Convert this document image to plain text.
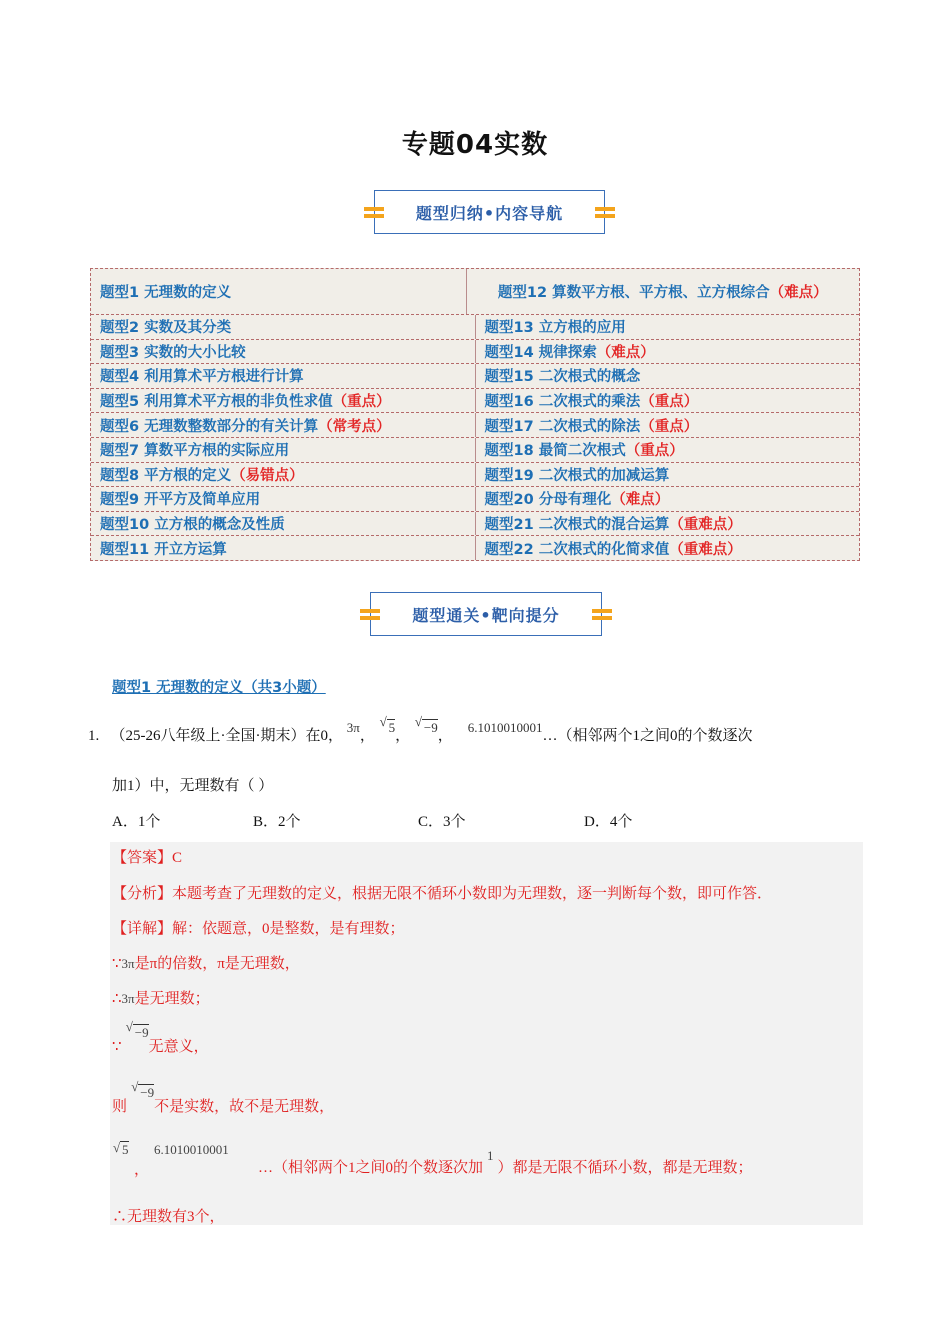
专题04实数
题型归纳•内容导航
题型1 无理数的定义	题型12 算数平方根、平方根、立方根综合（难点）
题型2 实数及其分类	题型13 立方根的应用
题型3 实数的大小比较	题型14 规律探索（难点）
题型4 利用算术平方根进行计算	题型15 二次根式的概念
题型5 利用算术平方根的非负性求值（重点）	题型16 二次根式的乘法（重点）
题型6 无理数整数部分的有关计算（常考点）	题型17 二次根式的除法（重点）
题型7 算数平方根的实际应用	题型18 最简二次根式（重点）
题型8 平方根的定义（易错点）	题型19 二次根式的加减运算
题型9 开平方及简单应用	题型20 分母有理化（难点）
题型10 立方根的概念及性质	题型21 二次根式的混合运算（重难点）
题型11 开立方运算	题型22 二次根式的化简求值（重难点）
题型通关•靶向提分
题型1 无理数的定义（共3小题）
1. （25-26八年级上·全国·期末）在0， 3π， √ 5， √ −9，    6.1010010001…（相邻两个1之间0的个数逐次
加1）中，无理数有（ ）
A．1个	B．2个	C．3个	D．4个
【答案】C
【分析】本题考查了无理数的定义，根据无限不循环小数即为无理数，逐一判断每个数，即可作答．
【详解】解：依题意，0是整数，是有理数；
∵3π是π的倍数，π是无理数，
∴3π是无理数；
∵   √ −9无意义，
则   √ −9不是实数，故不是无理数，
√ 5
，
6.1010010001
…（相邻两个1之间0的个数逐次加1）都是无限不循环小数，都是无理数；
∴无理数有3个，
